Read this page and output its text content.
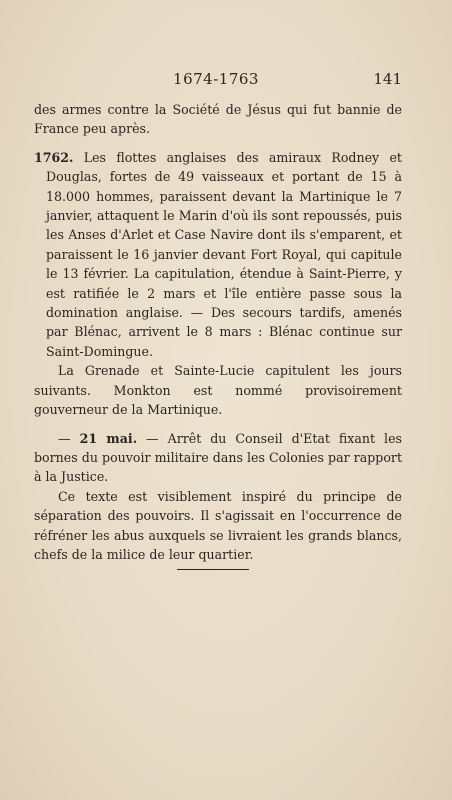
1674-1763	141

des armes contre la Société de Jésus qui fut bannie de France peu après.

1762. Les flottes anglaises des amiraux Rodney et Douglas, fortes de 49 vaisseaux et portant de 15 à 18.000 hommes, paraissent devant la Martinique le 7 janvier, attaquent le Marin d'où ils sont repoussés, puis les Anses d'Arlet et Case Navire dont ils s'emparent, et paraissent le 16 janvier devant Fort Royal, qui capitule le 13 février. La capitulation, étendue à Saint-Pierre, y est ratifiée le 2 mars et l'île entière passe sous la domination anglaise. — Des secours tardifs, amenés par Blénac, arrivent le 8 mars : Blénac continue sur Saint-Domingue.

La Grenade et Sainte-Lucie capitulent les jours suivants. Monkton est nommé provisoirement gouverneur de la Martinique.

— 21 mai. — Arrêt du Conseil d'Etat fixant les bornes du pouvoir militaire dans les Colonies par rapport à la Justice.

Ce texte est visiblement inspiré du principe de séparation des pouvoirs. Il s'agissait en l'occurrence de réfréner les abus auxquels se livraient les grands blancs, chefs de la milice de leur quartier.
